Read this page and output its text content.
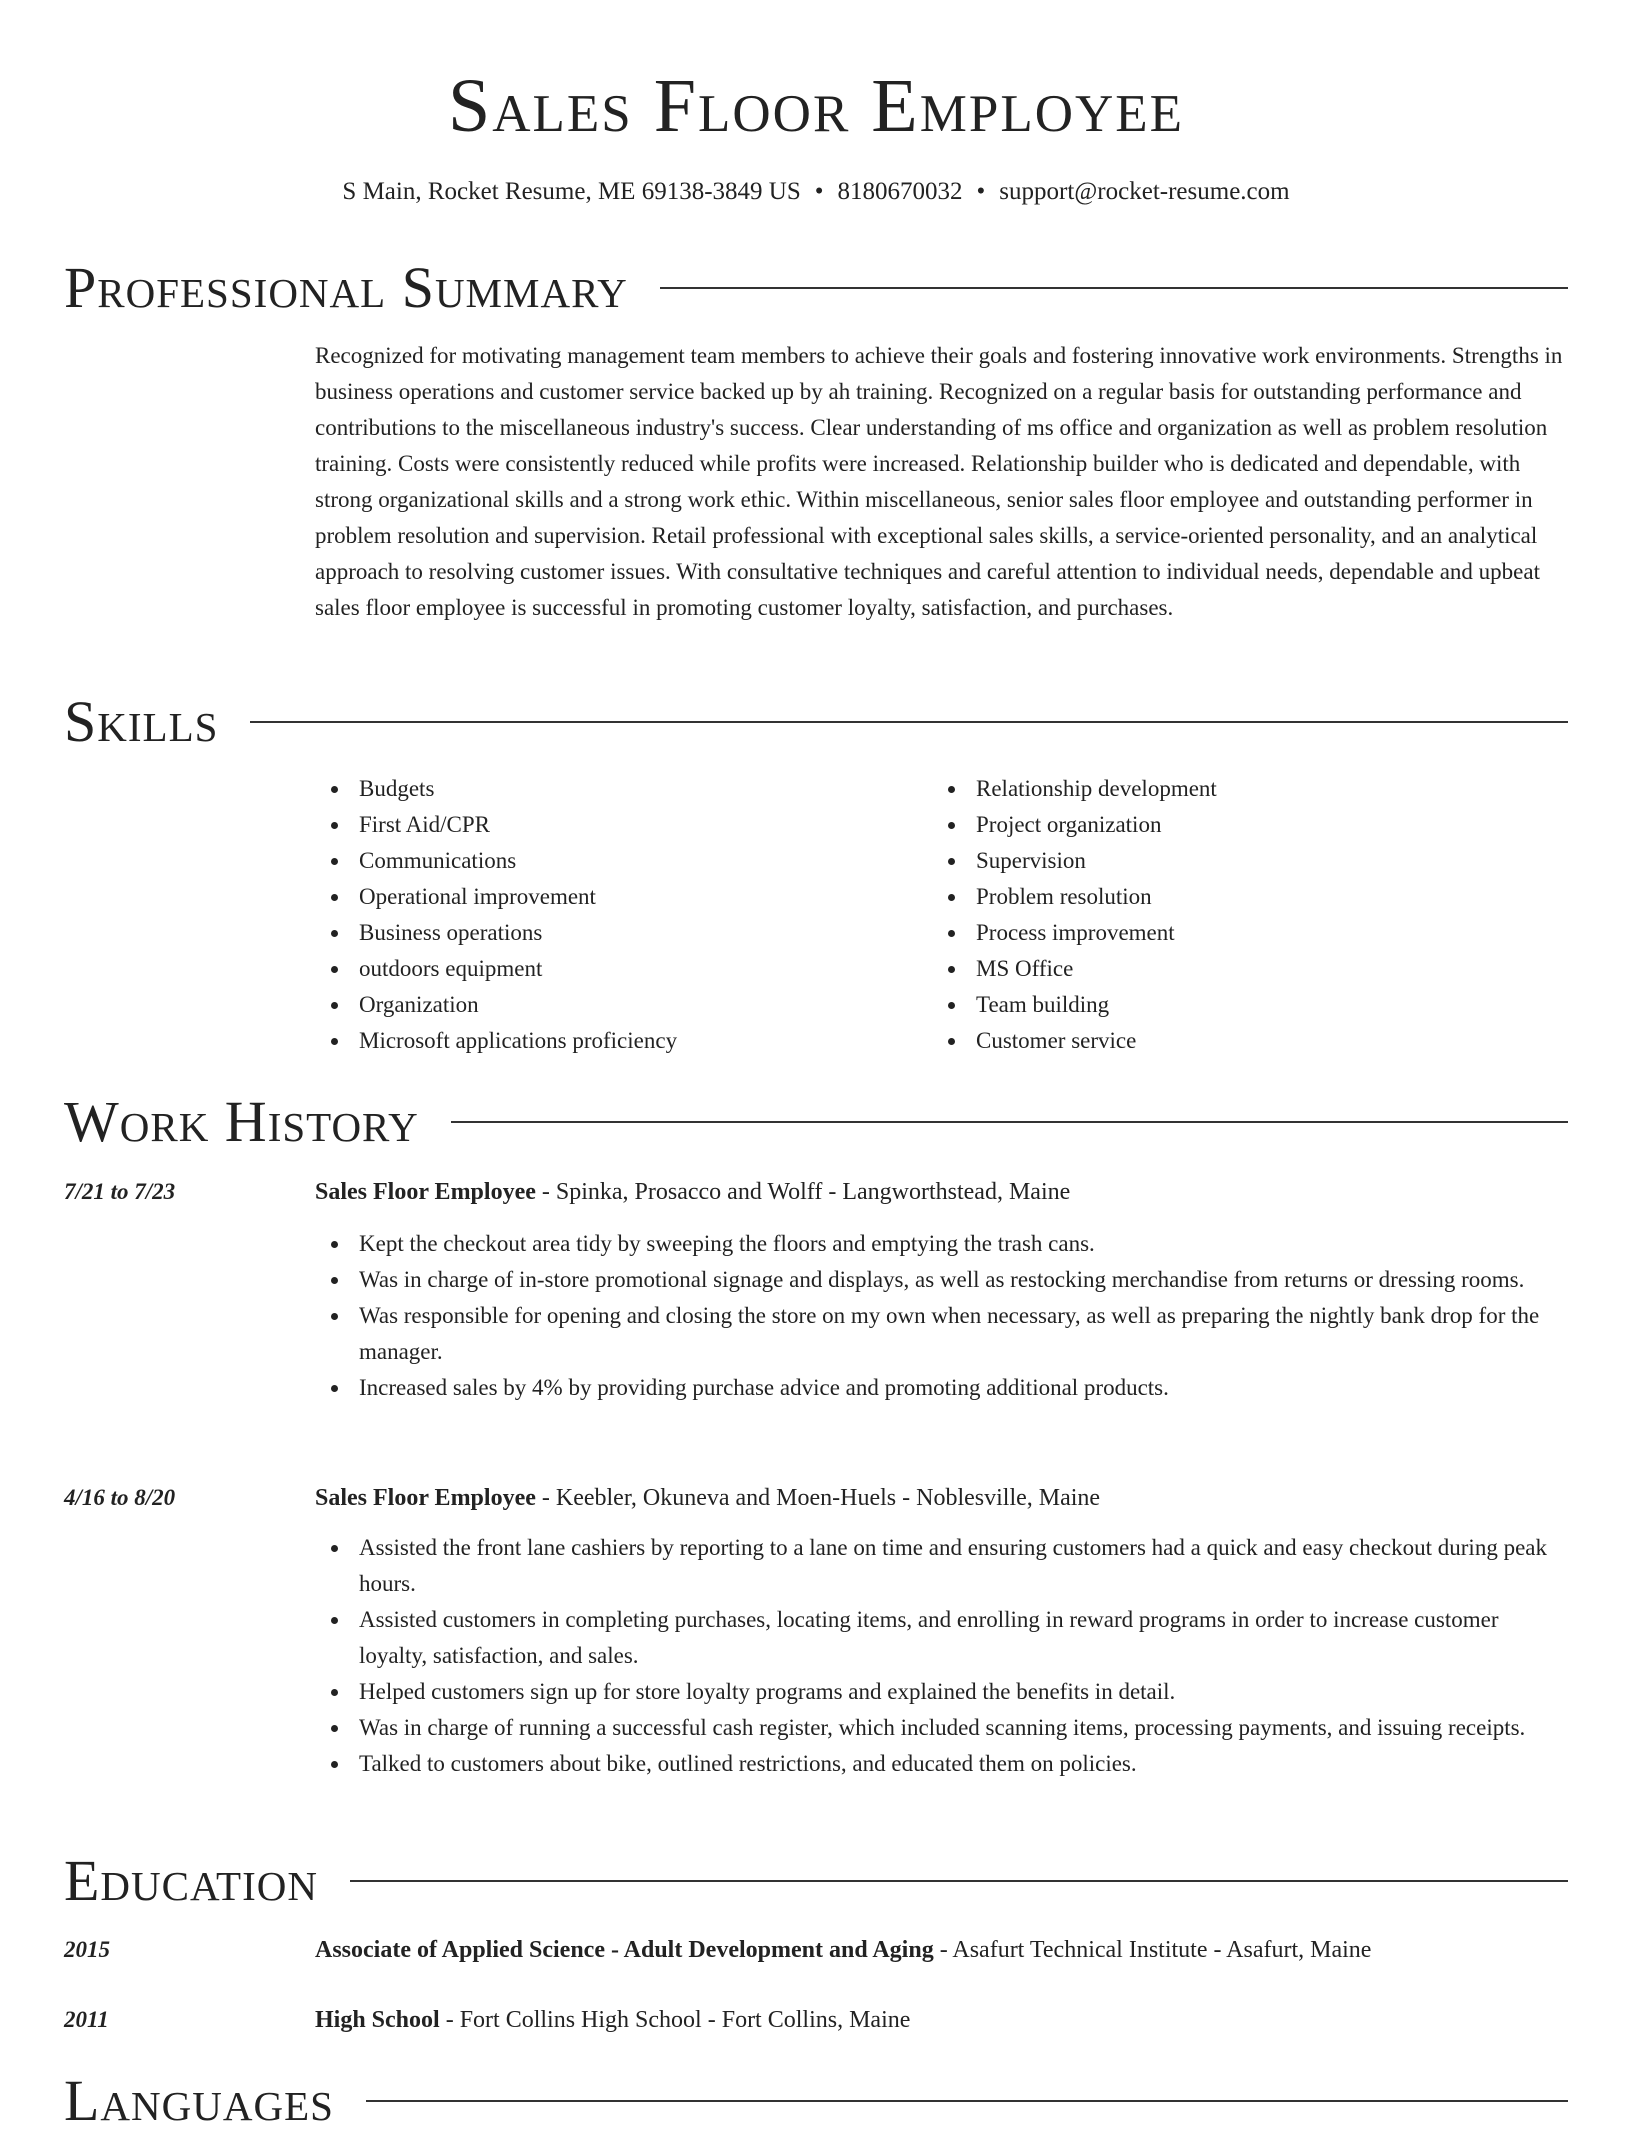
Sales Floor Employee
S Main, Rocket Resume, ME 69138-3849 US • 8180670032 • support@rocket-resume.com
Professional Summary

Recognized for motivating management team members to achieve their goals and fostering innovative work environments. Strengths in business operations and customer service backed up by ah training. Recognized on a regular basis for outstanding performance and contributions to the miscellaneous industry's success. Clear understanding of ms office and organization as well as problem resolution training. Costs were consistently reduced while profits were increased. Relationship builder who is dedicated and dependable, with strong organizational skills and a strong work ethic. Within miscellaneous, senior sales floor employee and outstanding performer in problem resolution and supervision. Retail professional with exceptional sales skills, a service-oriented personality, and an analytical approach to resolving customer issues. With consultative techniques and careful attention to individual needs, dependable and upbeat sales floor employee is successful in promoting customer loyalty, satisfaction, and purchases.

Skills
Budgets
First Aid/CPR
Communications
Operational improvement
Business operations
outdoors equipment
Organization
Microsoft applications proficiency
Relationship development
Project organization
Supervision
Problem resolution
Process improvement
MS Office
Team building
Customer service
Work History
7/21 to 7/23	Sales Floor Employee - Spinka, Prosacco and Wolff - Langworthstead, Maine
Kept the checkout area tidy by sweeping the floors and emptying the trash cans.
Was in charge of in-store promotional signage and displays, as well as restocking merchandise from returns or dressing rooms.
Was responsible for opening and closing the store on my own when necessary, as well as preparing the nightly bank drop for the manager.
Increased sales by 4% by providing purchase advice and promoting additional products.
4/16 to 8/20	Sales Floor Employee - Keebler, Okuneva and Moen-Huels - Noblesville, Maine
Assisted the front lane cashiers by reporting to a lane on time and ensuring customers had a quick and easy checkout during peak hours.
Assisted customers in completing purchases, locating items, and enrolling in reward programs in order to increase customer loyalty, satisfaction, and sales.
Helped customers sign up for store loyalty programs and explained the benefits in detail.
Was in charge of running a successful cash register, which included scanning items, processing payments, and issuing receipts.
Talked to customers about bike, outlined restrictions, and educated them on policies.
Education
2015	Associate of Applied Science - Adult Development and Aging - Asafurt Technical Institute - Asafurt, Maine
2011	High School - Fort Collins High School - Fort Collins, Maine
Languages
